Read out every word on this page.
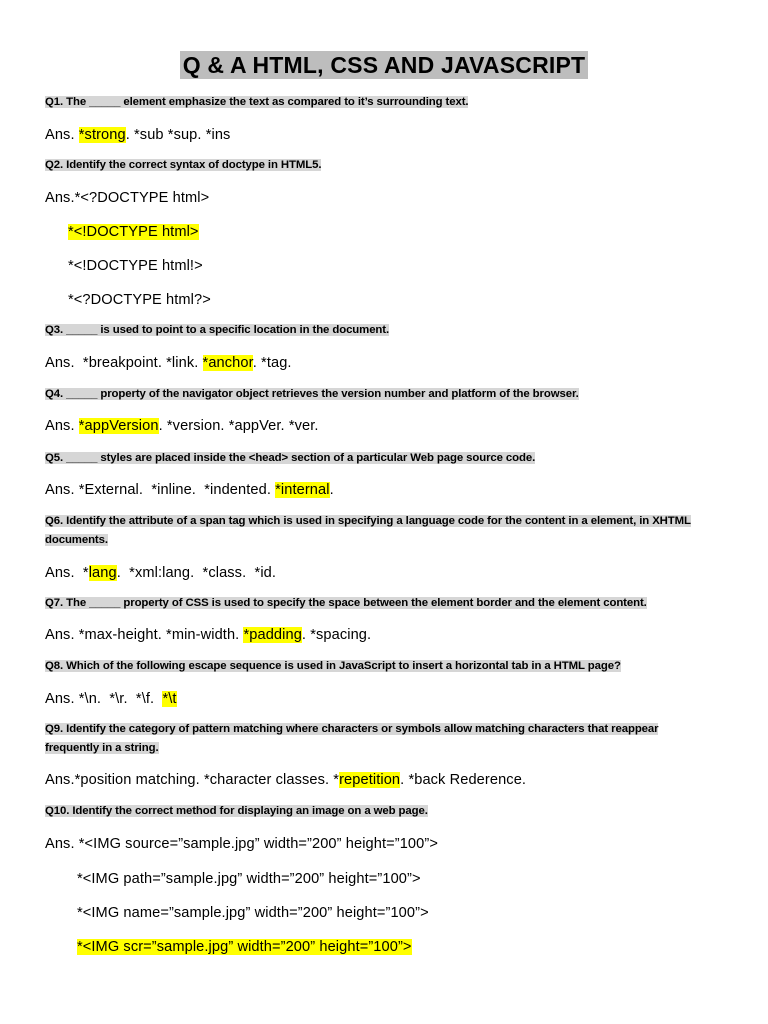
Q & A HTML, CSS AND JAVASCRIPT
Q1. The _____ element emphasize the text as compared to it’s surrounding text.
Ans. *strong. *sub *sup. *ins
Q2. Identify the correct syntax of doctype in HTML5.
Ans.*<?DOCTYPE html>
*<!DOCTYPE html>
*<!DOCTYPE html!>
*<?DOCTYPE html?>
Q3. _____ is used to point to a specific location in the document.
Ans.  *breakpoint. *link. *anchor. *tag.
Q4. _____ property of the navigator object retrieves the version number and platform of the browser.
Ans. *appVersion. *version. *appVer. *ver.
Q5. _____ styles are placed inside the <head> section of a particular Web page source code.
Ans. *External.  *inline.  *indented. *internal.
Q6. Identify the attribute of a span tag which is used in specifying a language code for the content in a element, in XHTML documents.
Ans.  *lang.  *xml:lang.  *class.  *id.
Q7. The _____ property of CSS is used to specify the space between the element border and the element content.
Ans. *max-height. *min-width. *padding. *spacing.
Q8. Which of the following escape sequence is used in JavaScript to insert a horizontal tab in a HTML page?
Ans. *\n.  *\r.  *\f.  *\t
Q9. Identify the category of pattern matching where characters or symbols allow matching characters that reappear frequently in a string.
Ans.*position matching. *character classes. *repetition. *back Rederence.
Q10. Identify the correct method for displaying an image on a web page.
Ans. *<IMG source=”sample.jpg” width=”200” height=”100”>
*<IMG path=”sample.jpg” width=”200” height=”100”>
*<IMG name=”sample.jpg” width=”200” height=”100”>
*<IMG scr=”sample.jpg” width=”200” height=”100”>
